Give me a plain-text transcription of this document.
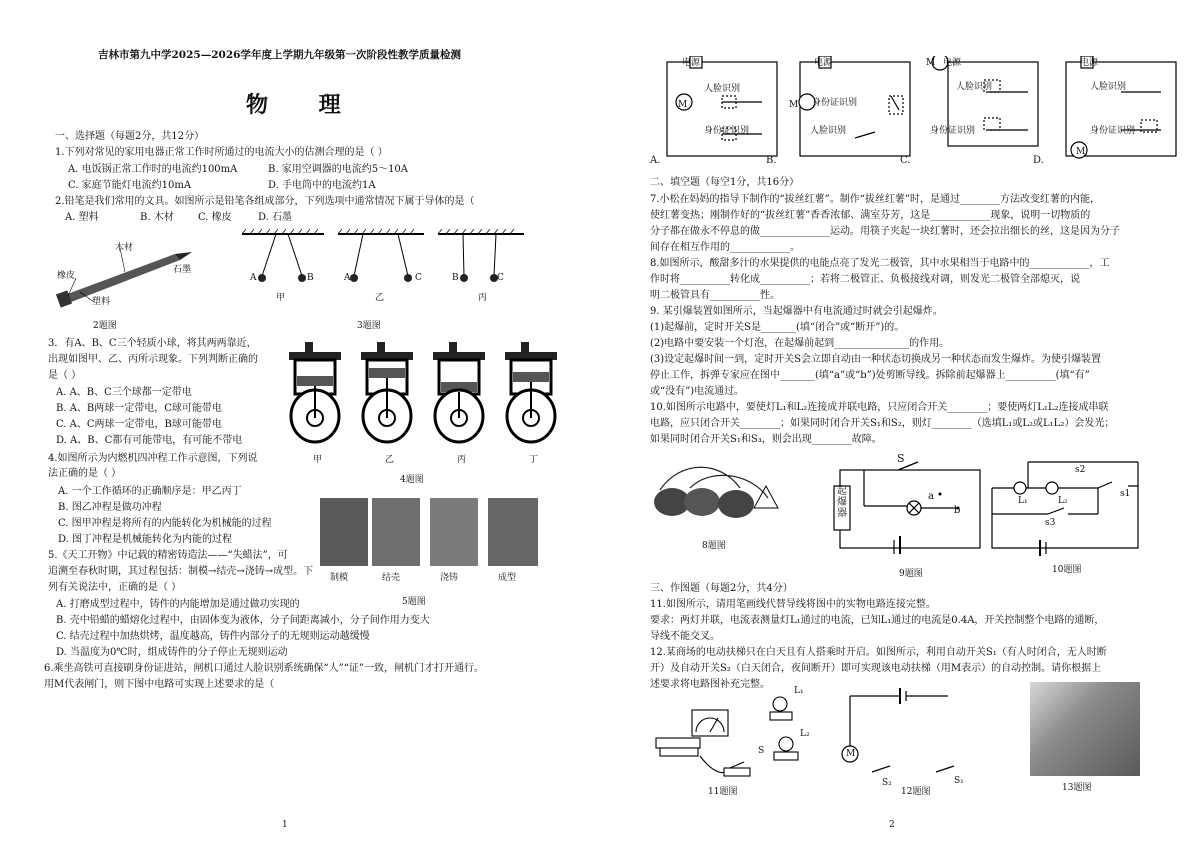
吉林市第九中学2025—2026学年度上学期九年级第一次阶段性教学质量检测
物    理
一、选择题（每题2分，共12分）
1.下列对常见的家用电器正常工作时所通过的电流大小的估测合理的是（ ）
A. 电饭锅正常工作时的电流约100mA	B. 家用空调器的电流约5～10A
C. 家庭节能灯电流约10mA	D. 手电筒中的电流约1A
2.铅笔是我们常用的文具。如图所示是铅笔各组成部分，下列选项中通常情况下属于导体的是（
A. 塑料	B. 木材 C. 橡皮	D. 石墨
木材
石墨
橡皮
塑料
2题图
A	B	A	C	B	C
甲	乙	丙
3题图
3．有A、B、C三个轻质小球，将其两两靠近，
出现如图甲、乙、丙所示现象。下列判断正确的
是（ ）
A. A、B、C三个球都一定带电
B. A、B两球一定带电，C球可能带电
C. A、C两球一定带电，B球可能带电
D. A、B、C都有可能带电，有可能不带电
甲	乙	丙	丁
4题图
4.如图所示为内燃机四冲程工作示意图，下列说
法正确的是（ ）
A. 一个工作循环的正确顺序是：甲乙丙丁
B. 图乙冲程是做功冲程
C. 图甲冲程是将所有的内能转化为机械能的过程
D. 图丁冲程是机械能转化为内能的过程
制模	结壳	浇铸	成型
5题图
5.《天工开物》中记载的精密铸造法——“失蜡法”，可
追溯至春秋时期，其过程包括：制模→结壳→浇铸→成型。下
列有关说法中，正确的是（ ）
A. 打磨成型过程中，铸件的内能增加是通过做功实现的
B. 壳中铅蜡的蜡熔化过程中，由固体变为液体，分子间距离减小，分子间作用力变大
C. 结壳过程中加热烘烤，温度越高，铸件内部分子的无规则运动越缓慢
D. 当温度为0℃时，组成铸件的分子停止无规则运动
6.乘坐高铁可直接刷身份证进站，闸机口通过人脸识别系统确保“人”“证”一致，闸机门才打开通行。
用M代表闸门，则下图中电路可实现上述要求的是（
1
电源
人脸识别
M
身份证识别
A.
电源
M 身份证识别
人脸识别
B.
电源
M
人脸识别
身份证识别
C.
电源
人脸识别
身份证识别
M
D.
二、填空题（每空1分，共16分）
7.小松在妈妈的指导下制作的“拔丝红薯”。制作“拔丝红薯”时，是通过________方法改变红薯的内能，
使红薯变热；刚制作好的“拔丝红薯”香香浓郁、满室芬芳，这是____________现象，说明一切物质的
分子都在做永不停息的做______________运动。用筷子夹起一块红薯时，还会拉出细长的丝，这是因为分子
间存在相互作用的____________。
8.如图所示，酸甜多汁的水果提供的电能点亮了发光二极管，其中水果相当于电路中的____________，工
作时将__________转化成__________；若将二极管正、负极接线对调，则发光二极管全部熄灭，说
明二极管具有__________性。
9. 某引爆装置如图所示，当起爆器中有电流通过时就会引起爆炸。
(1)起爆前，定时开关S是_______(填“闭合”或“断开”)的。
(2)电路中要安装一个灯泡，在起爆前起到_______________的作用。
(3)设定起爆时间一到，定时开关S会立即自动由一种状态切换成另一种状态而发生爆炸。为使引爆装置
停止工作，拆弹专家应在图中_______(填“a”或“b”)处剪断导线。拆除前起爆器上__________(填“有”
或“没有”)电流通过。
10.如图所示电路中，要使灯L₁和L₂连接成并联电路，只应闭合开关________；要使两灯L₁L₂连接成串联
电路，应只闭合开关________；如果同时闭合开关S₁和S₂，则灯________（选填L₁或L₂或L₁L₂）会发光；
如果同时闭合开关S₁和S₃，则会出现________故障。
8题图
S
起爆器
a
b
9题图
s2
s1
s3
L₁	L₂
10题图
三、作图题（每题2分，共4分）
11.如图所示，请用笔画线代替导线将图中的实物电路连接完整。
要求：两灯并联，电流表测量灯L₁通过的电流，已知L₁通过的电流是0.4A，开关控制整个电路的通断，
导线不能交叉。
12.某商场的电动扶梯只在白天且有人搭乘时开启。如图所示，利用自动开关S₁（有人时闭合，无人时断
开）及自动开关S₂（白天闭合，夜间断开）即可实现该电动扶梯（用M表示）的自动控制。请你根据上
述要求将电路图补充完整。
L₁
L₂
S
11题图
M
S₂	S₁
12题图	13题图
2
